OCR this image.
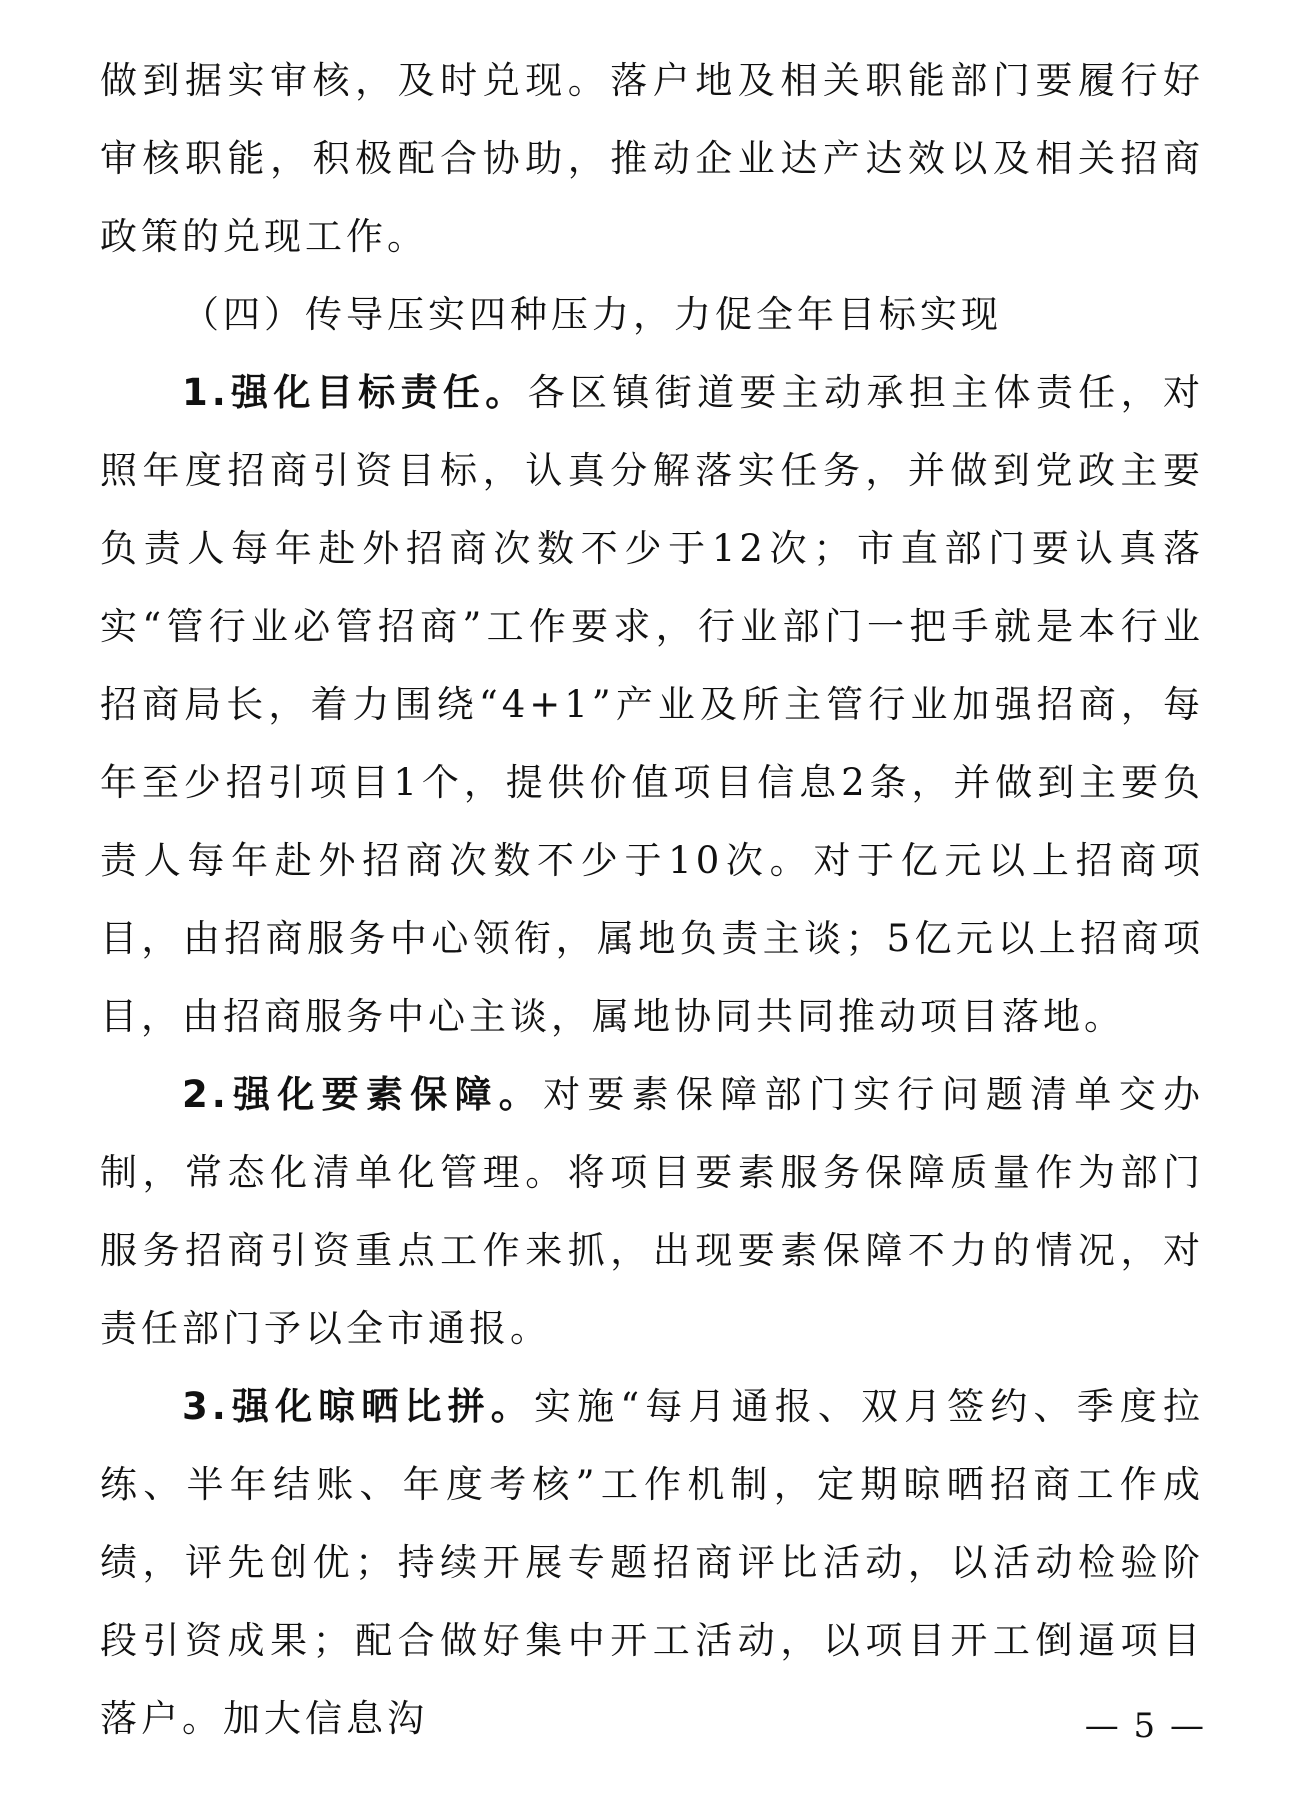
做到据实审核，及时兑现。落户地及相关职能部门要履行好审核职能，积极配合协助，推动企业达产达效以及相关招商政策的兑现工作。

（四）传导压实四种压力，力促全年目标实现

1.强化目标责任。各区镇街道要主动承担主体责任，对照年度招商引资目标，认真分解落实任务，并做到党政主要负责人每年赴外招商次数不少于12次；市直部门要认真落实“管行业必管招商”工作要求，行业部门一把手就是本行业招商局长，着力围绕“4+1”产业及所主管行业加强招商，每年至少招引项目1个，提供价值项目信息2条，并做到主要负责人每年赴外招商次数不少于10次。对于亿元以上招商项目，由招商服务中心领衔，属地负责主谈；5亿元以上招商项目，由招商服务中心主谈，属地协同共同推动项目落地。

2.强化要素保障。对要素保障部门实行问题清单交办制，常态化清单化管理。将项目要素服务保障质量作为部门服务招商引资重点工作来抓，出现要素保障不力的情况，对责任部门予以全市通报。

3.强化晾晒比拼。实施“每月通报、双月签约、季度拉练、半年结账、年度考核”工作机制，定期晾晒招商工作成绩，评先创优；持续开展专题招商评比活动，以活动检验阶段引资成果；配合做好集中开工活动，以项目开工倒逼项目落户。加大信息沟	— 5 —
